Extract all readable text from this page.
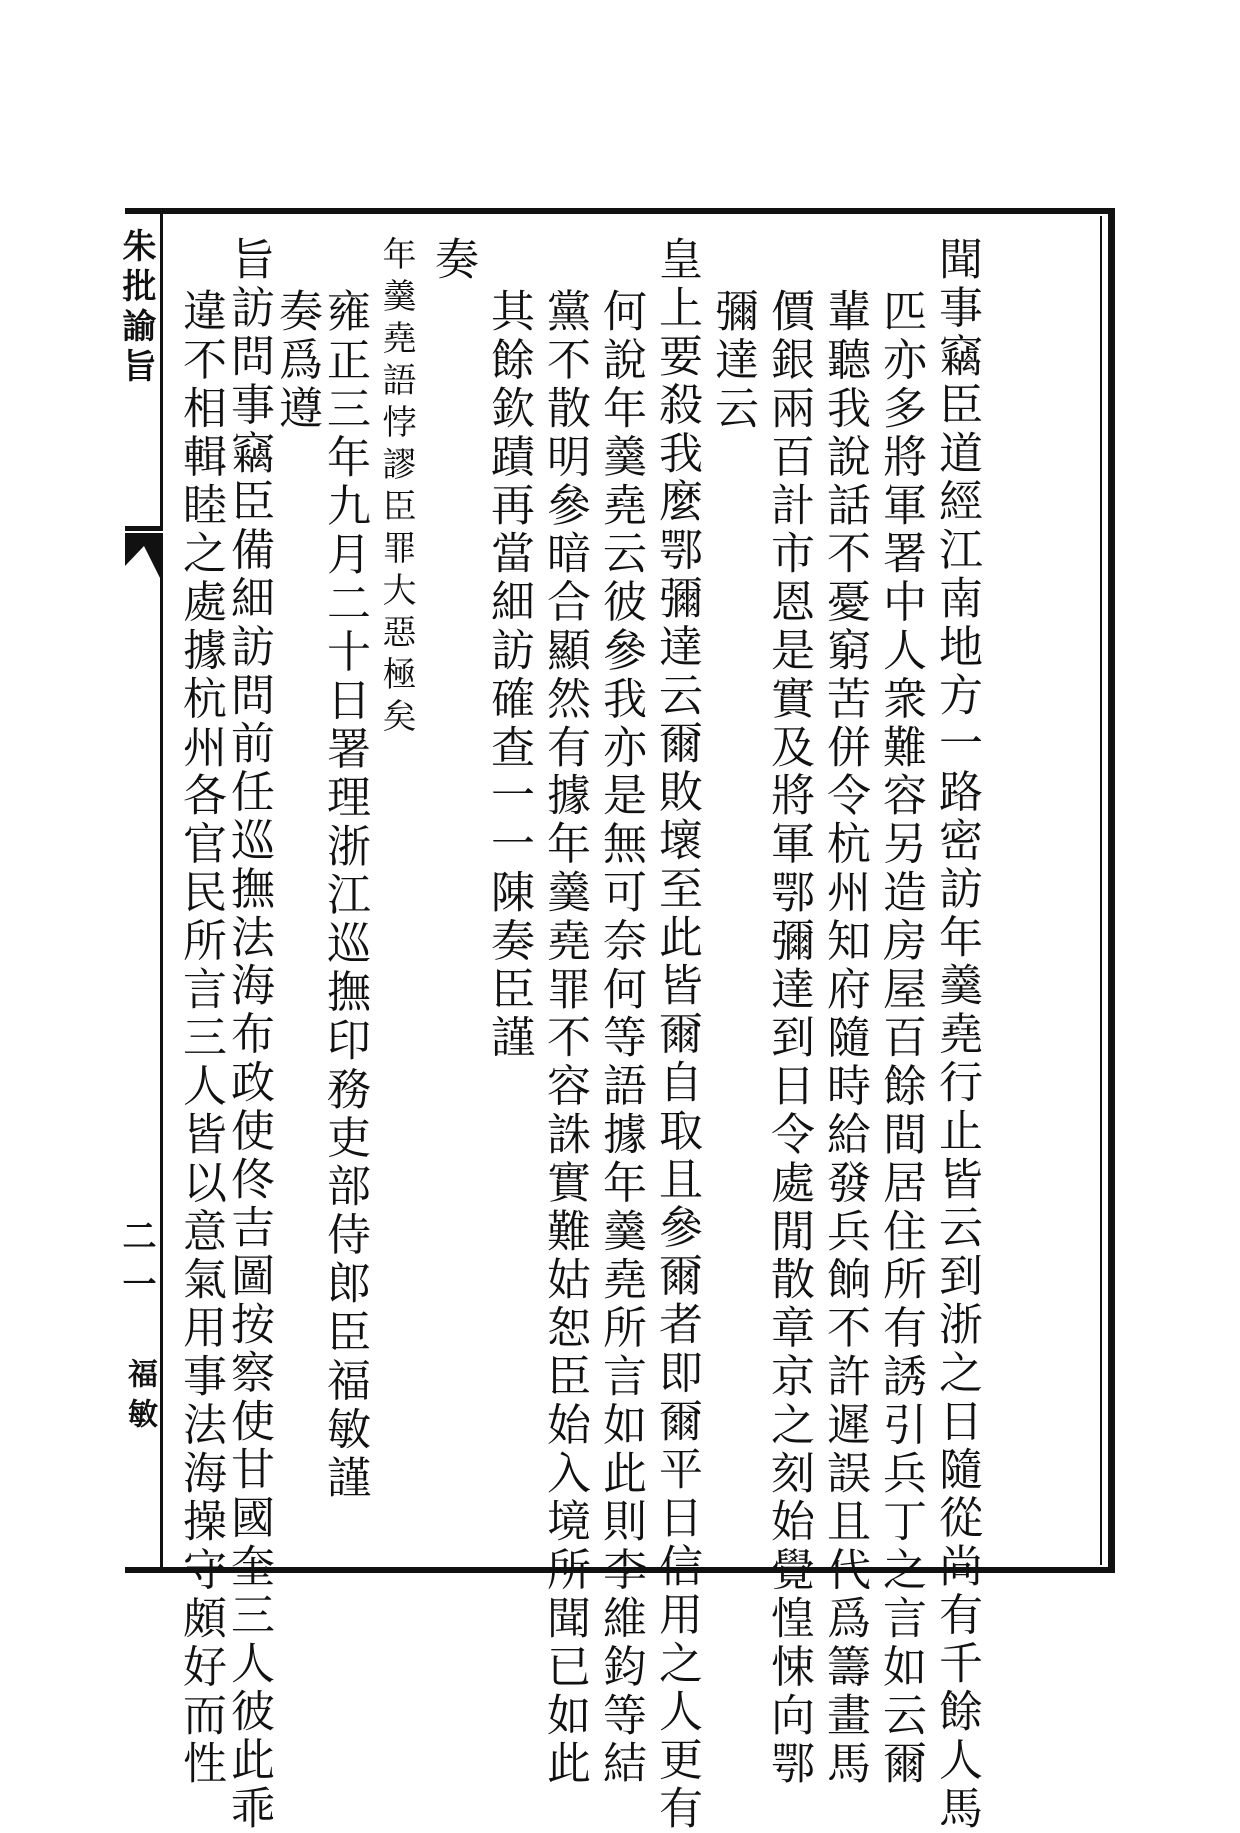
朱批諭旨
二一
福敏	聞事竊臣道經江南地方一路密訪年羹堯行止皆云到浙之日隨從尚有千餘人馬
匹亦多將軍署中人衆難容另造房屋百餘間居住所有誘引兵丁之言如云爾
輩聽我說話不憂窮苦併令杭州知府隨時給發兵餉不許遲誤且代爲籌畫馬
價銀兩百計市恩是實及將軍鄂彌達到日令處閒散章京之刻始覺惶悚向鄂
彌達云
皇上要殺我麼鄂彌達云爾敗壞至此皆爾自取且參爾者即爾平日信用之人更有
何說年羹堯云彼參我亦是無可奈何等語據年羹堯所言如此則李維鈞等結
黨不散明參暗合顯然有據年羹堯罪不容誅實難姑恕臣始入境所聞已如此
其餘欽蹟再當細訪確查一一陳奏臣謹
奏
年羹堯語悖謬臣罪大惡極矣
雍正三年九月二十日署理浙江巡撫印務吏部侍郎臣福敏謹
奏爲遵
旨訪問事竊臣備細訪問前任巡撫法海布政使佟吉圖按察使甘國奎三人彼此乖
違不相輯睦之處據杭州各官民所言三人皆以意氣用事法海操守頗好而性
